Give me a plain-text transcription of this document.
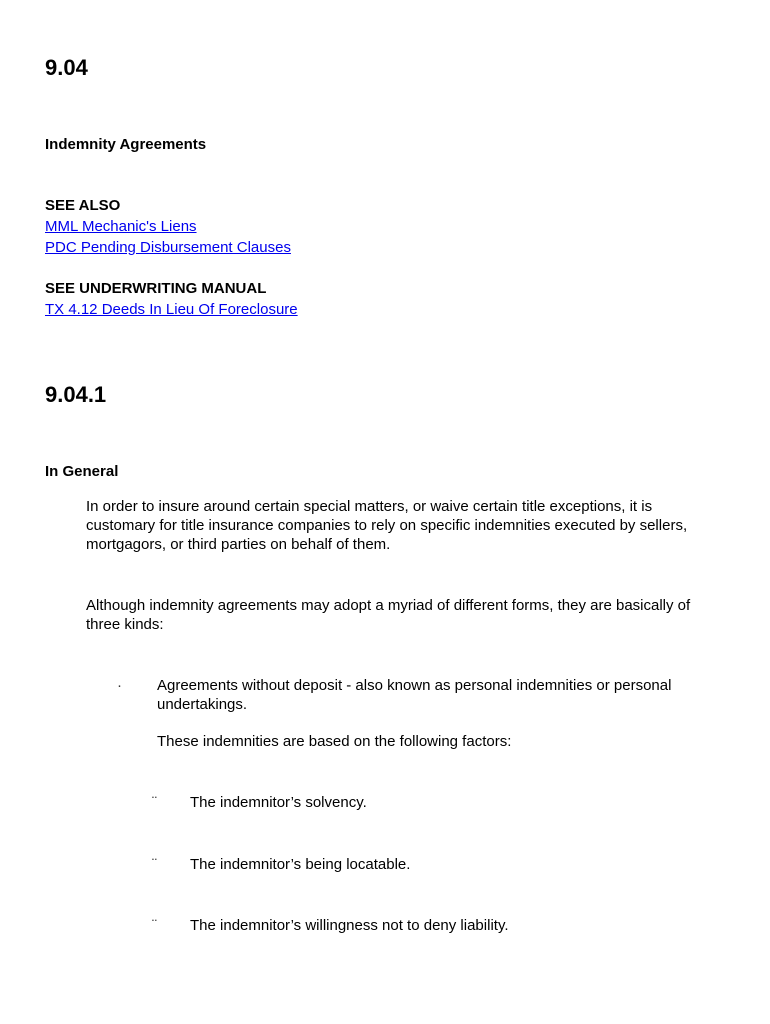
9.04
Indemnity Agreements
SEE ALSO
MML Mechanic's Liens
PDC Pending Disbursement Clauses
SEE UNDERWRITING MANUAL
TX 4.12 Deeds In Lieu Of Foreclosure
9.04.1
In General
In order to insure around certain special matters, or waive certain title exceptions, it is
customary for title insurance companies to rely on specific indemnities executed by sellers,
mortgagors, or third parties on behalf of them.
Although indemnity agreements may adopt a myriad of different forms, they are basically of
three kinds:
· Agreements without deposit - also known as personal indemnities or personal
undertakings.
These indemnities are based on the following factors:
¨ The indemnitor’s solvency.
¨ The indemnitor’s being locatable.
¨ The indemnitor’s willingness not to deny liability.
